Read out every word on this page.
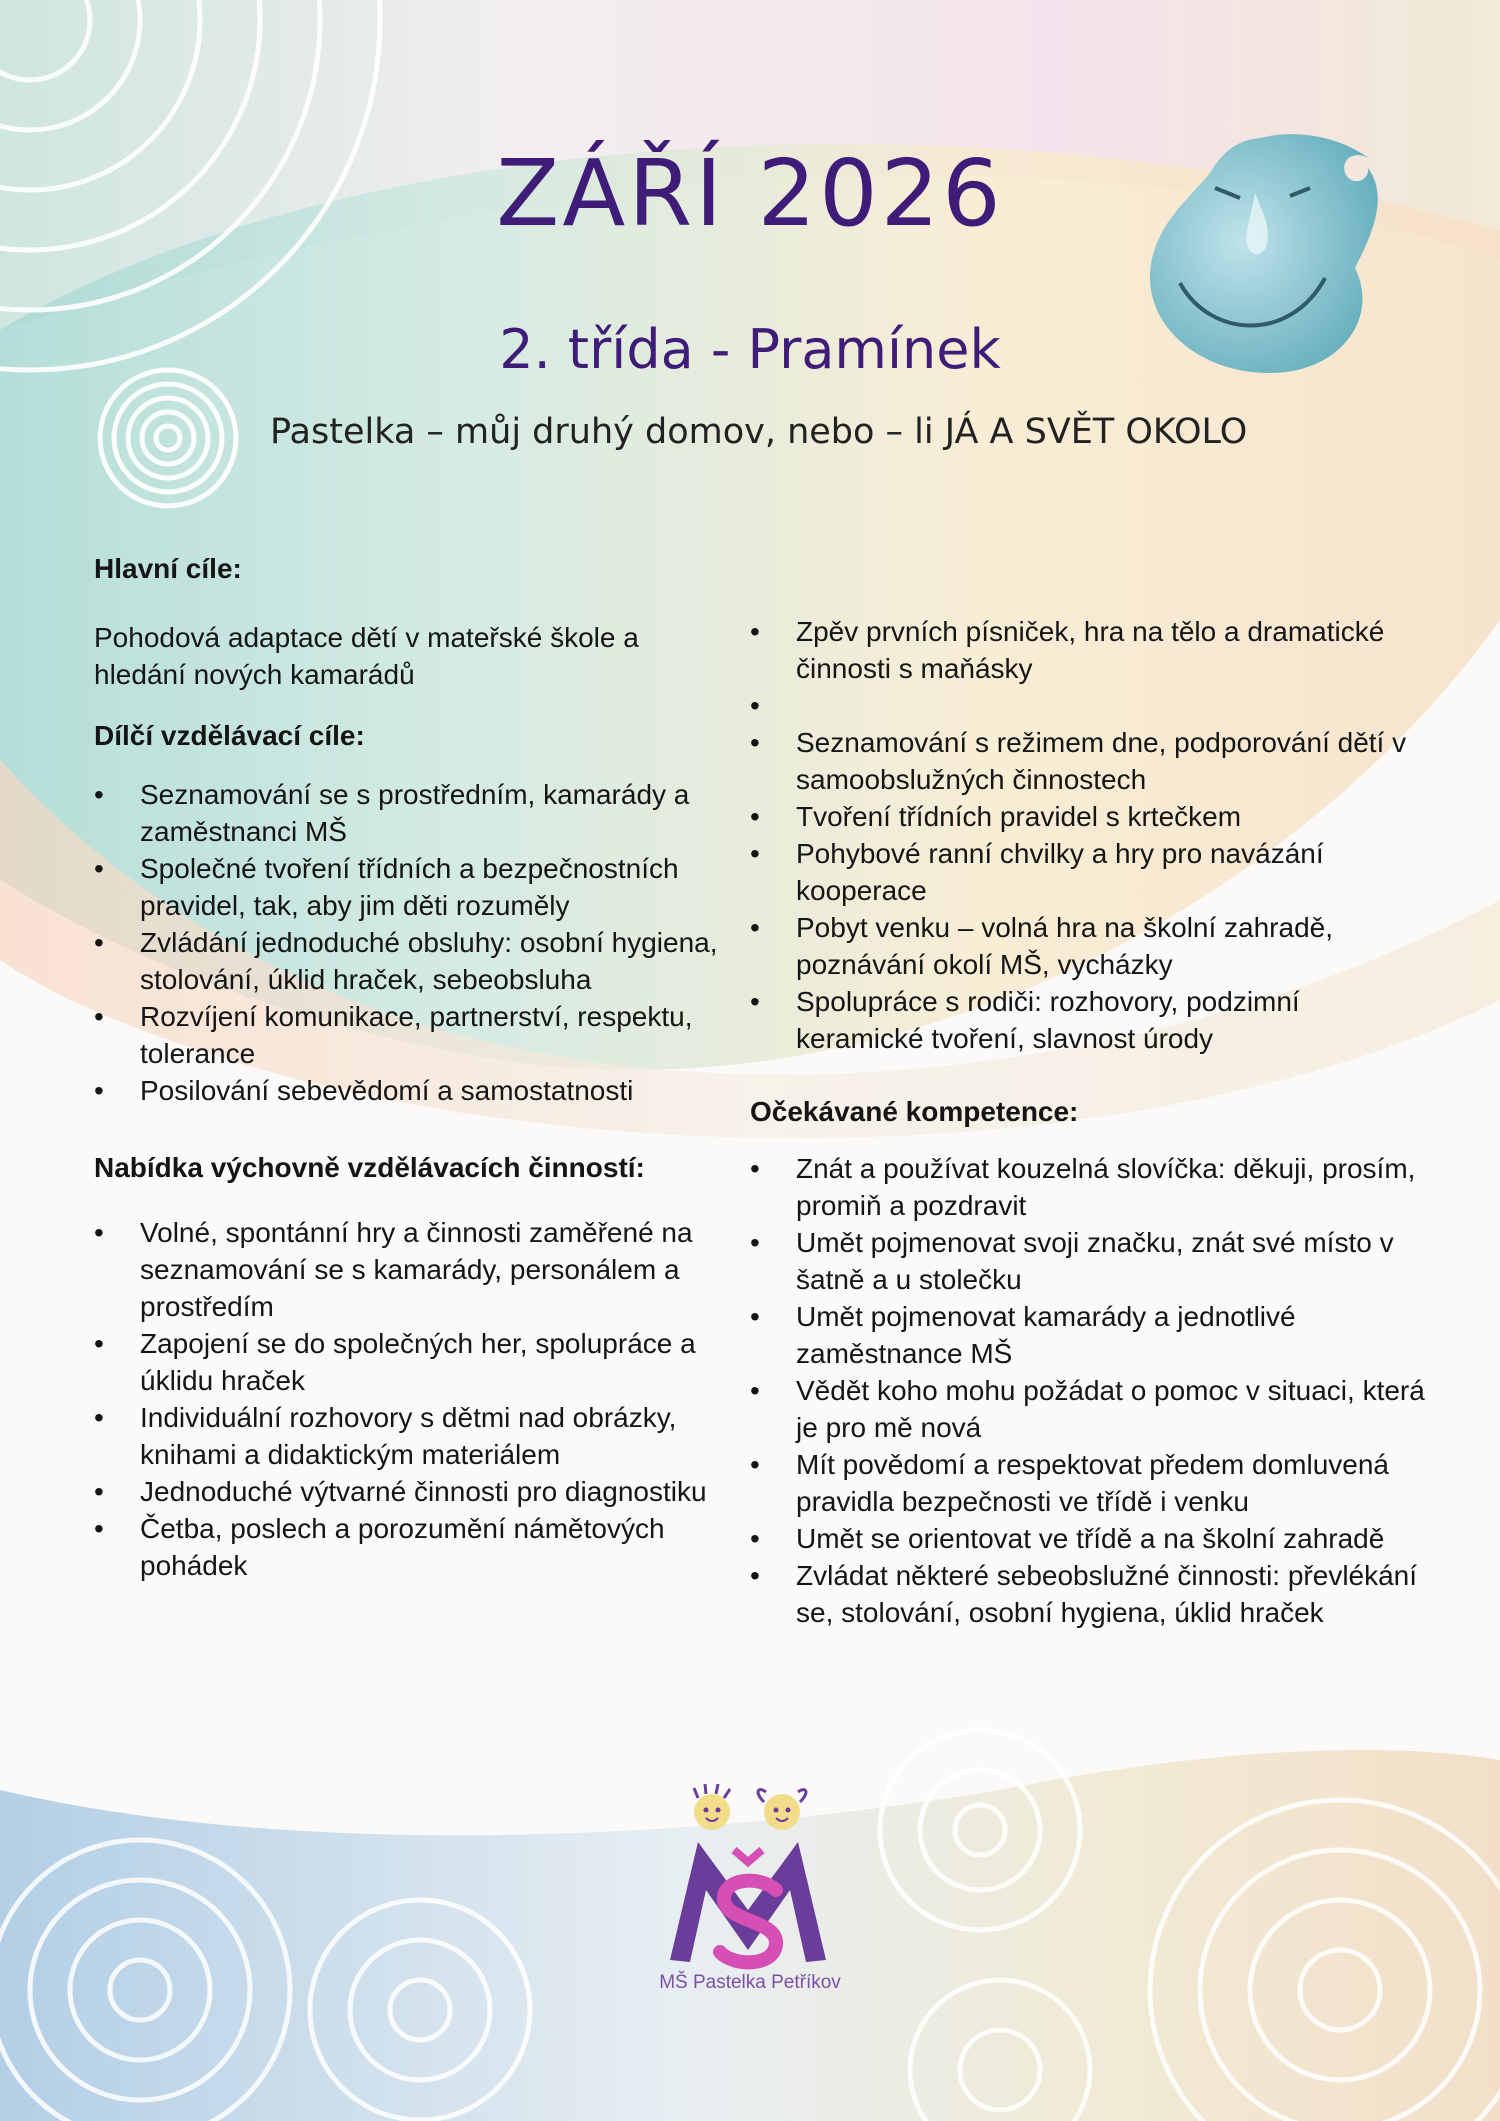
ZÁŘÍ 2026
2. třída - Pramínek
Pastelka – můj druhý domov, nebo – li JÁ A SVĚT OKOLO

Hlavní cíle:

Pohodová adaptace dětí v mateřské škole a hledání nových kamarádů

Dílčí vzdělávací cíle:

•	Seznamování se s prostředním, kamarády a zaměstnanci MŠ
•	Společné tvoření třídních a bezpečnostních pravidel, tak, aby jim děti rozuměly
•	Zvládání jednoduché obsluhy: osobní hygiena, stolování, úklid hraček, sebeobsluha
•	Rozvíjení komunikace, partnerství, respektu, tolerance
•	Posilování sebevědomí a samostatnosti

Nabídka výchovně vzdělávacích činností:

•	Volné, spontánní hry a činnosti zaměřené na seznamování se s kamarády, personálem a prostředím
•	Zapojení se do společných her, spolupráce a úklidu hraček
•	Individuální rozhovory s dětmi nad obrázky, knihami a didaktickým materiálem
•	Jednoduché výtvarné činnosti pro diagnostiku
•	Četba, poslech a porozumění námětových pohádek
•	Zpěv prvních písniček, hra na tělo a dramatické činnosti s maňásky
•
•	Seznamování s režimem dne, podporování dětí v samoobslužných činnostech
•	Tvoření třídních pravidel s krtečkem
•	Pohybové ranní chvilky a hry pro navázání kooperace
•	Pobyt venku – volná hra na školní zahradě, poznávání okolí MŠ, vycházky
•	Spolupráce s rodiči: rozhovory, podzimní keramické tvoření, slavnost úrody

Očekávané kompetence:

•	Znát a používat kouzelná slovíčka: děkuji, prosím, promiň a pozdravit
•	Umět pojmenovat svoji značku, znát své místo v šatně a u stolečku
•	Umět pojmenovat kamarády a jednotlivé zaměstnance MŠ
•	Vědět koho mohu požádat o pomoc v situaci, která je pro mě nová
•	Mít povědomí a respektovat předem domluvená pravidla bezpečnosti ve třídě i venku
•	Umět se orientovat ve třídě a na školní zahradě
•	Zvládat některé sebeobslužné činnosti: převlékání se, stolování, osobní hygiena, úklid hraček
MŠ Pastelka Petříkov
